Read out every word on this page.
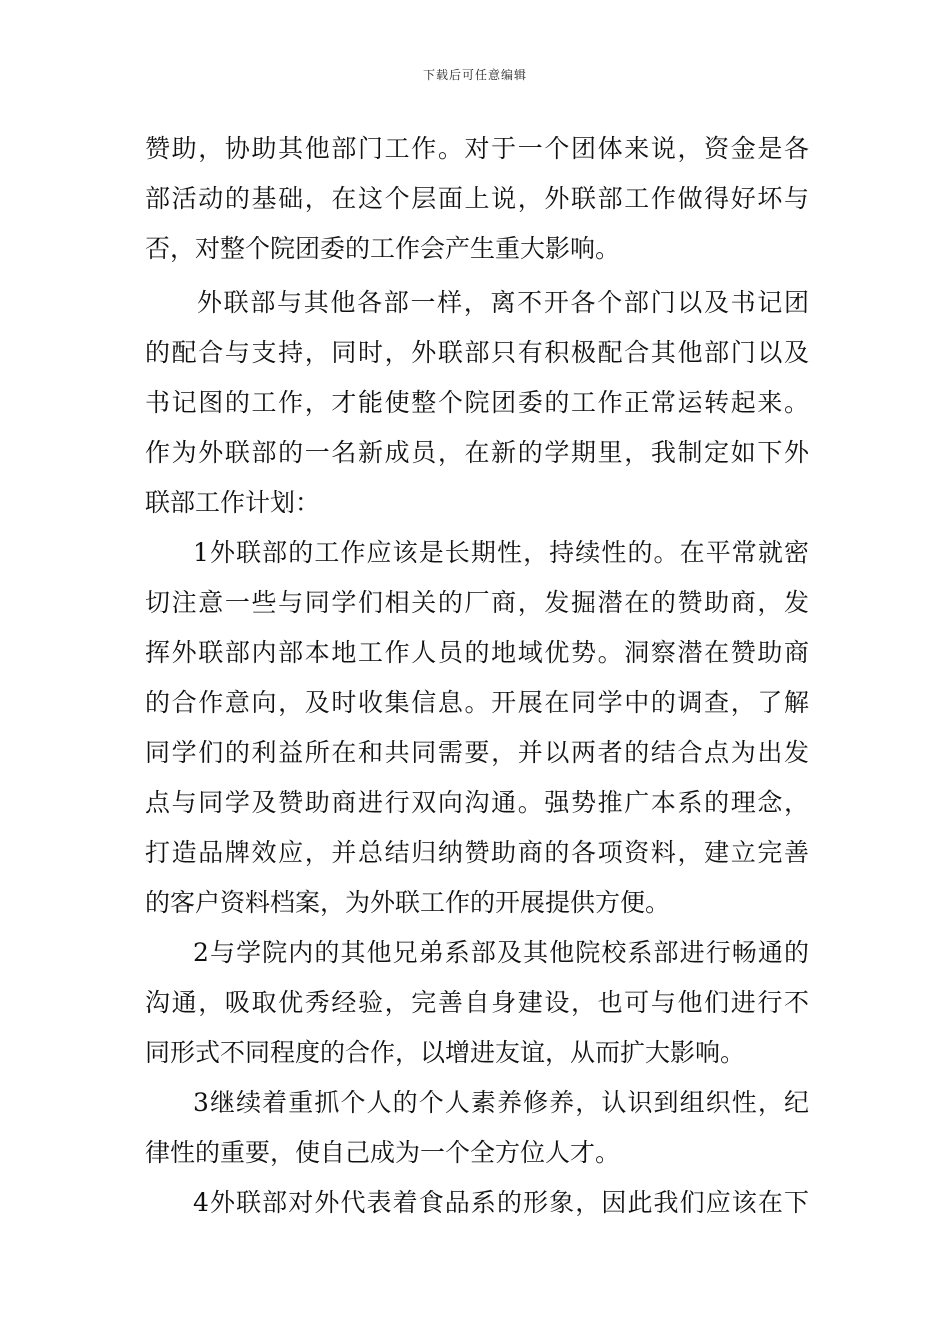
下载后可任意编辑
赞助，协助其他部门工作。对于一个团体来说，资金是各
部活动的基础，在这个层面上说，外联部工作做得好坏与
否，对整个院团委的工作会产生重大影响。
外联部与其他各部一样，离不开各个部门以及书记团
的配合与支持，同时，外联部只有积极配合其他部门以及
书记图的工作，才能使整个院团委的工作正常运转起来。
作为外联部的一名新成员，在新的学期里，我制定如下外
联部工作计划：
1外联部的工作应该是长期性，持续性的。在平常就密
切注意一些与同学们相关的厂商，发掘潜在的赞助商，发
挥外联部内部本地工作人员的地域优势。洞察潜在赞助商
的合作意向，及时收集信息。开展在同学中的调查，了解
同学们的利益所在和共同需要，并以两者的结合点为出发
点与同学及赞助商进行双向沟通。强势推广本系的理念，
打造品牌效应，并总结归纳赞助商的各项资料，建立完善
的客户资料档案，为外联工作的开展提供方便。
2与学院内的其他兄弟系部及其他院校系部进行畅通的
沟通，吸取优秀经验，完善自身建设，也可与他们进行不
同形式不同程度的合作，以增进友谊，从而扩大影响。
3继续着重抓个人的个人素养修养，认识到组织性，纪
律性的重要，使自己成为一个全方位人才。
4外联部对外代表着食品系的形象，因此我们应该在下
